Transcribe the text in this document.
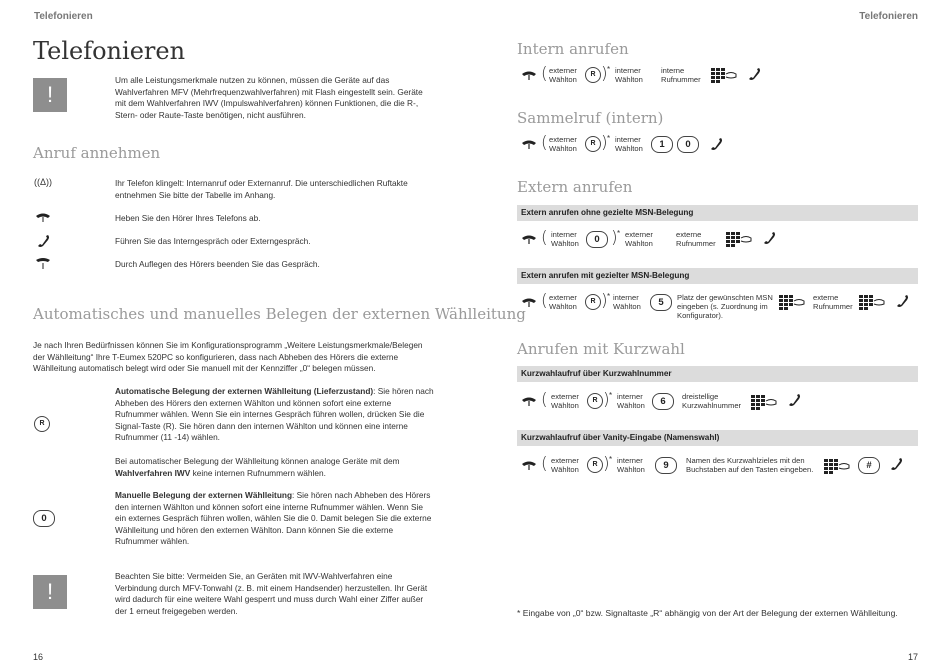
Telefonieren	Telefonieren
Telefonieren
!
Um alle Leistungsmerkmale nutzen zu können, müssen die Geräte auf das Wahlverfahren MFV (Mehrfrequenzwahlverfahren) mit Flash eingestellt sein. Geräte mit dem Wahlverfahren IWV (Impulswahlverfahren) können Funktionen, die die R-, Stern- oder Raute-Taste benötigen, nicht ausführen.
Anruf annehmen
((Δ))	Ihr Telefon klingelt: Internanruf oder Externanruf. Die unterschiedlichen Ruftakte entnehmen Sie bitte der Tabelle im Anhang.
Heben Sie den Hörer Ihres Telefons ab.
Führen Sie das Interngespräch oder Externgespräch.
Durch Auflegen des Hörers beenden Sie das Gespräch.
Automatisches und manuelles Belegen der externen Wählleitung
Je nach Ihren Bedürfnissen können Sie im Konfigurationsprogramm „Weitere Leistungsmerkmale/Belegen der Wählleitung“ Ihre T-Eumex 520PC so konfigurieren, dass nach Abheben des Hörers die externe Wählleitung automatisch belegt wird oder Sie manuell mit der Kennziffer „0“ belegen müssen.
R
Automatische Belegung der externen Wählleitung (Lieferzustand): Sie hören nach Abheben des Hörers den externen Wählton und können sofort eine externe Rufnummer wählen. Wenn Sie ein internes Gespräch führen wollen, drücken Sie die Signal-Taste (R). Sie hören dann den internen Wählton und können eine interne Rufnummer (11 -14) wählen.
Bei automatischer Belegung der Wählleitung können analoge Geräte mit dem Wahlverfahren IWV keine internen Rufnummern wählen.
0
Manuelle Belegung der externen Wählleitung: Sie hören nach Abheben des Hörers den internen Wählton und können sofort eine interne Rufnummer wählen. Wenn Sie ein externes Gespräch führen wollen, wählen Sie die 0. Damit belegen Sie die externe Wählleitung und hören den externen Wählton. Dann können Sie die externe Rufnummer wählen.
!
Beachten Sie bitte: Vermeiden Sie, an Geräten mit IWV-Wahlverfahren eine Verbindung durch MFV-Tonwahl (z. B. mit einem Handsender) herzustellen. Ihr Gerät wird dadurch für eine weitere Wahl gesperrt und muss durch Wahl einer Ziffer außer der 1 erneut freigegeben werden.
16
Intern anrufen
( externer
Wählton
R ) * interner
Wählton
interne
Rufnummer
Sammelruf (intern)
( externer
Wählton
R ) * interner
Wählton	1	0
Extern anrufen
Extern anrufen ohne gezielte MSN-Belegung
( interner
Wählton	0 ) * externer
Wählton
externe
Rufnummer
Extern anrufen mit gezielter MSN-Belegung
( externer
Wählton
R ) * interner
Wählton	5	Platz der gewünschten MSN
eingeben (s. Zuordnung im
Konfigurator).
externe
Rufnummer
Anrufen mit Kurzwahl
Kurzwahlaufruf über Kurzwahlnummer
( externer
Wählton
R ) * interner
Wählton	6	dreistellige
Kurzwahlnummer
Kurzwahlaufruf über Vanity-Eingabe (Namenswahl)
( externer
Wählton
R ) * interner
Wählton	9	Namen des Kurzwahlzieles mit den
Buchstaben auf den Tasten eingeben.	#
* Eingabe von „0“ bzw. Signaltaste „R“ abhängig von der Art der Belegung der externen Wählleitung.
17
